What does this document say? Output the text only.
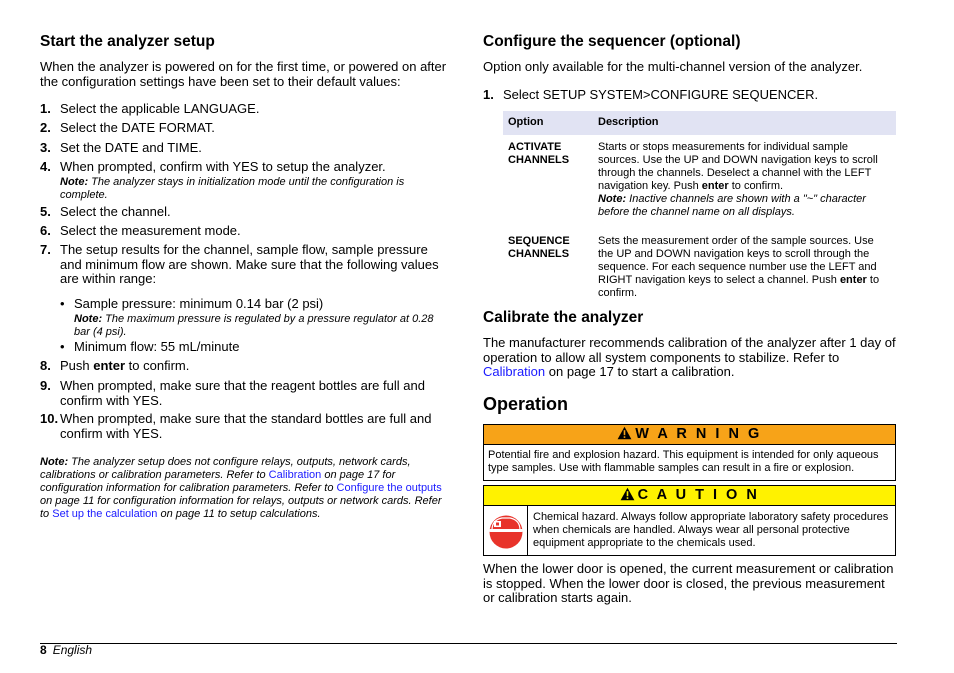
Start the analyzer setup

When the analyzer is powered on for the first time, or powered on after the configuration settings have been set to their default values:

1. Select the applicable LANGUAGE.
2. Select the DATE FORMAT.
3. Set the DATE and TIME.
4. When prompted, confirm with YES to setup the analyzer.
Note: The analyzer stays in initialization mode until the configuration is complete.
5. Select the channel.
6. Select the measurement mode.
7. The setup results for the channel, sample flow, sample pressure and minimum flow are shown. Make sure that the following values are within range:
• Sample pressure: minimum 0.14 bar (2 psi)
Note: The maximum pressure is regulated by a pressure regulator at 0.28 bar (4 psi).
• Minimum flow: 55 mL/minute
8. Push enter to confirm.
9. When prompted, make sure that the reagent bottles are full and confirm with YES.
10. When prompted, make sure that the standard bottles are full and confirm with YES.
Note: The analyzer setup does not configure relays, outputs, network cards, calibrations or calibration parameters. Refer to Calibration on page 17 for configuration information for calibration parameters. Refer to Configure the outputs on page 11 for configuration information for relays, outputs or network cards. Refer to Set up the calculation on page 11 to setup calculations.
Configure the sequencer (optional)

Option only available for the multi-channel version of the analyzer.

1. Select SETUP SYSTEM>CONFIGURE SEQUENCER.
Option	Description
ACTIVATE CHANNELS	Starts or stops measurements for individual sample sources. Use the UP and DOWN navigation keys to scroll through the channels. Deselect a channel with the LEFT navigation key. Push enter to confirm.
Note: Inactive channels are shown with a "~" character before the channel name on all displays.
SEQUENCE CHANNELS	Sets the measurement order of the sample sources. Use the UP and DOWN navigation keys to scroll through the sequence. For each sequence number use the LEFT and RIGHT navigation keys to select a channel. Push enter to confirm.
Calibrate the analyzer

The manufacturer recommends calibration of the analyzer after 1 day of operation to allow all system components to stabilize. Refer to Calibration on page 17 to start a calibration.

Operation
W A R N I N G
Potential fire and explosion hazard. This equipment is intended for only aqueous type samples. Use with flammable samples can result in a fire or explosion.
C A U T I O N
Chemical hazard. Always follow appropriate laboratory safety procedures when chemicals are handled. Always wear all personal protective equipment appropriate to the chemicals used.

When the lower door is opened, the current measurement or calibration is stopped. When the lower door is closed, the previous measurement or calibration starts again.

8 English
